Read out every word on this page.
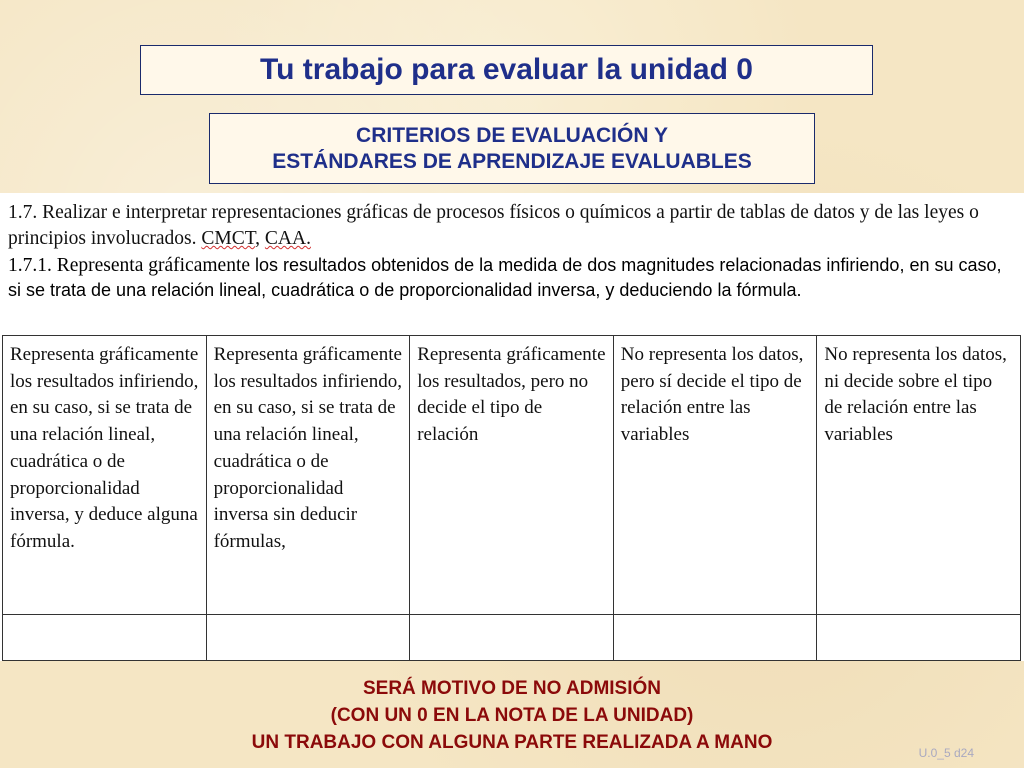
Tu trabajo para evaluar la unidad 0
CRITERIOS DE EVALUACIÓN Y
ESTÁNDARES DE APRENDIZAJE EVALUABLES
1.7. Realizar e interpretar representaciones gráficas de procesos físicos o químicos a partir de tablas de datos y de las leyes o principios involucrados. CMCT, CAA.
1.7.1. Representa gráficamente los resultados obtenidos de la medida de dos magnitudes relacionadas infiriendo, en su caso, si se trata de una relación lineal, cuadrática o de proporcionalidad inversa, y deduciendo la fórmula.
Representa gráficamente los resultados infiriendo, en su caso, si se trata de una relación lineal, cuadrática o de proporcionalidad inversa, y deduce alguna fórmula.	Representa gráficamente los resultados infiriendo, en su caso, si se trata de una relación lineal, cuadrática o de proporcionalidad inversa sin deducir fórmulas,	Representa gráficamente los resultados, pero no decide el tipo de relación	No representa los datos, pero sí decide el tipo de relación entre las variables	No representa los datos, ni decide sobre el tipo de relación entre las variables

SERÁ MOTIVO DE NO ADMISIÓN
(CON UN 0 EN LA NOTA DE LA UNIDAD)
UN TRABAJO CON ALGUNA PARTE REALIZADA A MANO	U.0_5 d24
